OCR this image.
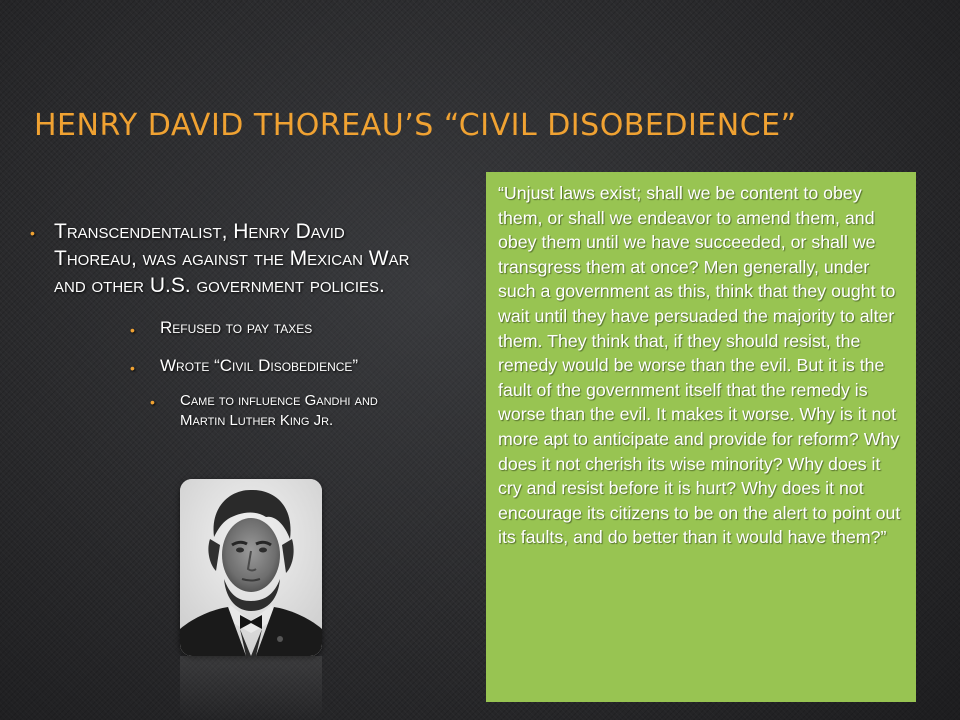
HENRY DAVID THOREAU’S “CIVIL DISOBEDIENCE”
• Transcendentalist, Henry David Thoreau, was against the Mexican War and other U.S. government policies.
• Refused to pay taxes
• Wrote “Civil Disobedience”
• Came to influence Gandhi and Martin Luther King Jr.

“Unjust laws exist; shall we be content to obey them, or shall we endeavor to amend them, and obey them until we have succeeded, or shall we transgress them at once? Men generally, under such a government as this, think that they ought to wait until they have persuaded the majority to alter them. They think that, if they should resist, the remedy would be worse than the evil. But it is the fault of the government itself that the remedy is worse than the evil. It makes it worse. Why is it not more apt to anticipate and provide for reform? Why does it not cherish its wise minority? Why does it cry and resist before it is hurt? Why does it not encourage its citizens to be on the alert to point out its faults, and do better than it would have them?”
